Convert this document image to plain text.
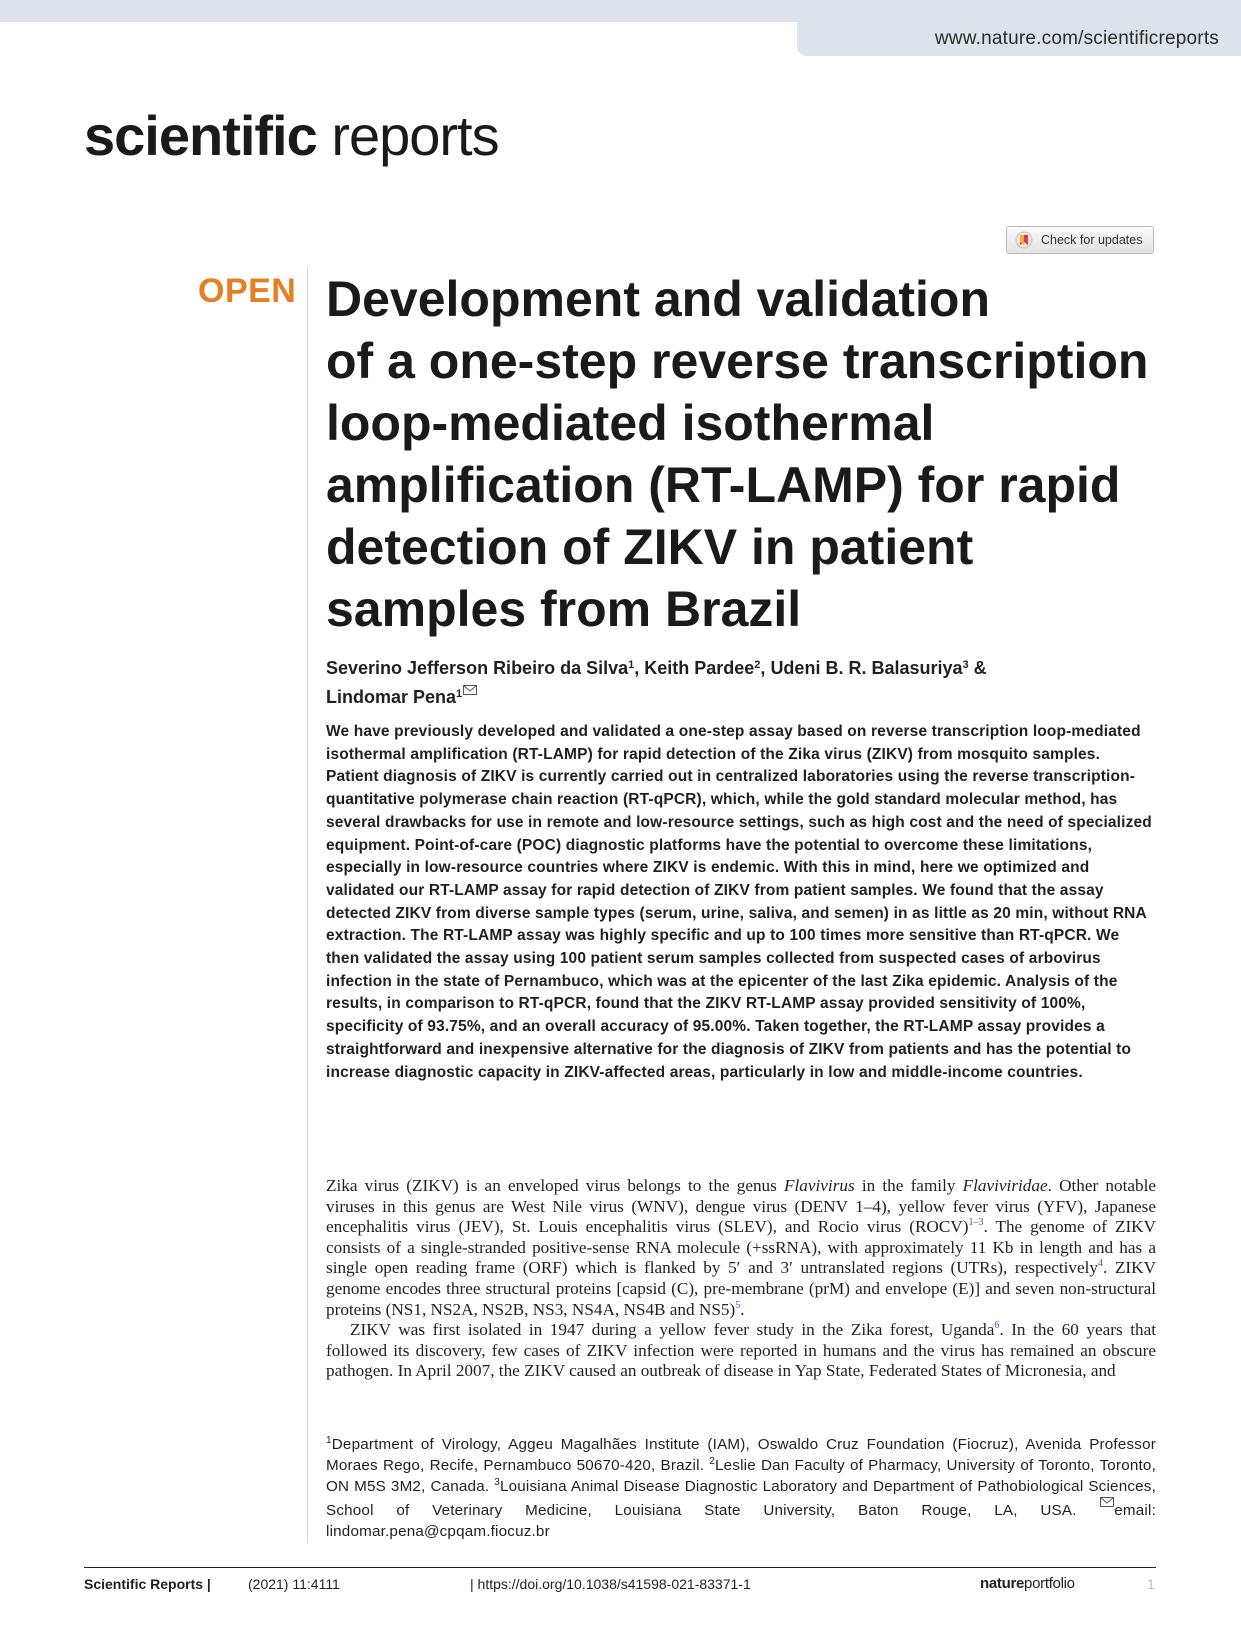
www.nature.com/scientificreports
scientific reports
Check for updates
OPEN Development and validation
of a one-step reverse transcription
loop-mediated isothermal
amplification (RT-LAMP) for rapid
detection of ZIKV in patient
samples from Brazil
Severino Jefferson Ribeiro da Silva$^1$, Keith Pardee$^2$, Udeni B. R. Balasuriya$^3$ &
Lindomar Pena$^1$

We have previously developed and validated a one-step assay based on reverse transcription loop-mediated isothermal amplification (RT-LAMP) for rapid detection of the Zika virus (ZIKV) from mosquito samples. Patient diagnosis of ZIKV is currently carried out in centralized laboratories using the reverse transcription-quantitative polymerase chain reaction (RT-qPCR), which, while the gold standard molecular method, has several drawbacks for use in remote and low-resource settings, such as high cost and the need of specialized equipment. Point-of-care (POC) diagnostic platforms have the potential to overcome these limitations, especially in low-resource countries where ZIKV is endemic. With this in mind, here we optimized and validated our RT-LAMP assay for rapid detection of ZIKV from patient samples. We found that the assay detected ZIKV from diverse sample types (serum, urine, saliva, and semen) in as little as 20 min, without RNA extraction. The RT-LAMP assay was highly specific and up to 100 times more sensitive than RT-qPCR. We then validated the assay using 100 patient serum samples collected from suspected cases of arbovirus infection in the state of Pernambuco, which was at the epicenter of the last Zika epidemic. Analysis of the results, in comparison to RT-qPCR, found that the ZIKV RT-LAMP assay provided sensitivity of 100%, specificity of 93.75%, and an overall accuracy of 95.00%. Taken together, the RT-LAMP assay provides a straightforward and inexpensive alternative for the diagnosis of ZIKV from patients and has the potential to increase diagnostic capacity in ZIKV-affected areas, particularly in low and middle-income countries.

Zika virus (ZIKV) is an enveloped virus belongs to the genus Flavivirus in the family Flaviviridae. Other notable viruses in this genus are West Nile virus (WNV), dengue virus (DENV 1–4), yellow fever virus (YFV), Japanese encephalitis virus (JEV), St. Louis encephalitis virus (SLEV), and Rocio virus (ROCV)$^{1-3}$. The genome of ZIKV consists of a single-stranded positive-sense RNA molecule (+ssRNA), with approximately 11 Kb in length and has a single open reading frame (ORF) which is flanked by 5′ and 3′ untranslated regions (UTRs), respectively$^4$. ZIKV genome encodes three structural proteins [capsid (C), pre-membrane (prM) and envelope (E)] and seven non-structural proteins (NS1, NS2A, NS2B, NS3, NS4A, NS4B and NS5)$^5$.

ZIKV was first isolated in 1947 during a yellow fever study in the Zika forest, Uganda$^6$. In the 60 years that followed its discovery, few cases of ZIKV infection were reported in humans and the virus has remained an obscure pathogen. In April 2007, the ZIKV caused an outbreak of disease in Yap State, Federated States of Micronesia, and

$^1$Department of Virology, Aggeu Magalhães Institute (IAM), Oswaldo Cruz Foundation (Fiocruz), Avenida Professor Moraes Rego, Recife, Pernambuco 50670-420, Brazil. $^2$Leslie Dan Faculty of Pharmacy, University of Toronto, Toronto, ON M5S 3M2, Canada. $^3$Louisiana Animal Disease Diagnostic Laboratory and Department of Pathobiological Sciences, School of Veterinary Medicine, Louisiana State University, Baton Rouge, LA, USA. email: lindomar.pena@cpqam.fiocuz.br
Scientific Reports |	(2021) 11:4111	| https://doi.org/10.1038/s41598-021-83371-1	natureportfolio	1
